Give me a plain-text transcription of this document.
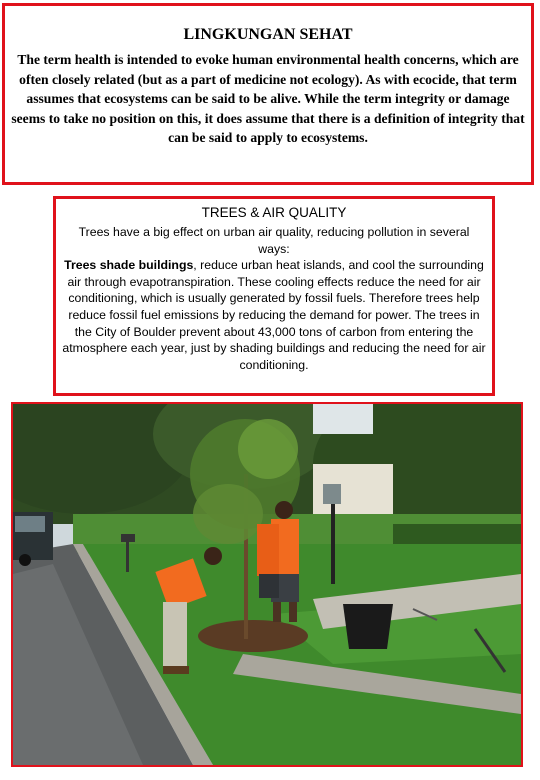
LINGKUNGAN SEHAT
The term health is intended to evoke human environmental health concerns, which are often closely related (but as a part of medicine not ecology). As with ecocide, that term assumes that ecosystems can be said to be alive. While the term integrity or damage seems to take no position on this, it does assume that there is a definition of integrity that can be said to apply to ecosystems.
TREES & AIR QUALITY
Trees have a big effect on urban air quality, reducing pollution in several ways:
Trees shade buildings, reduce urban heat islands, and cool the surrounding air through evapotranspiration. These cooling effects reduce the need for air conditioning, which is usually generated by fossil fuels. Therefore trees help reduce fossil fuel emissions by reducing the demand for power. The trees in the City of Boulder prevent about 43,000 tons of carbon from entering the atmosphere each year, just by shading buildings and reducing the need for air conditioning.
